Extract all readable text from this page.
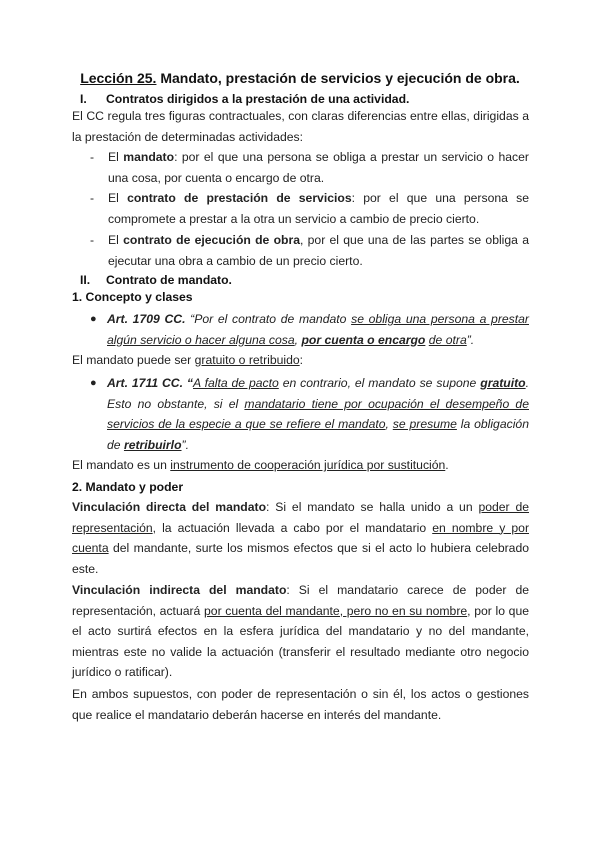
Lección 25. Mandato, prestación de servicios y ejecución de obra.
I. Contratos dirigidos a la prestación de una actividad.

El CC regula tres figuras contractuales, con claras diferencias entre ellas, dirigidas a la prestación de determinadas actividades:

- El mandato: por el que una persona se obliga a prestar un servicio o hacer una cosa, por cuenta o encargo de otra.
- El contrato de prestación de servicios: por el que una persona se compromete a prestar a la otra un servicio a cambio de precio cierto.
- El contrato de ejecución de obra, por el que una de las partes se obliga a ejecutar una obra a cambio de un precio cierto.
II. Contrato de mandato.
1. Concepto y clases
● Art. 1709 CC. “Por el contrato de mandato se obliga una persona a prestar algún servicio o hacer alguna cosa, por cuenta o encargo de otra”.

El mandato puede ser gratuito o retribuido:

● Art. 1711 CC. “A falta de pacto en contrario, el mandato se supone gratuito. Esto no obstante, si el mandatario tiene por ocupación el desempeño de servicios de la especie a que se refiere el mandato, se presume la obligación de retribuirlo”.

El mandato es un instrumento de cooperación jurídica por sustitución.

2. Mandato y poder

Vinculación directa del mandato: Si el mandato se halla unido a un poder de representación, la actuación llevada a cabo por el mandatario en nombre y por cuenta del mandante, surte los mismos efectos que si el acto lo hubiera celebrado este.

Vinculación indirecta del mandato: Si el mandatario carece de poder de representación, actuará por cuenta del mandante, pero no en su nombre, por lo que el acto surtirá efectos en la esfera jurídica del mandatario y no del mandante, mientras este no valide la actuación (transferir el resultado mediante otro negocio jurídico o ratificar).

En ambos supuestos, con poder de representación o sin él, los actos o gestiones que realice el mandatario deberán hacerse en interés del mandante.
